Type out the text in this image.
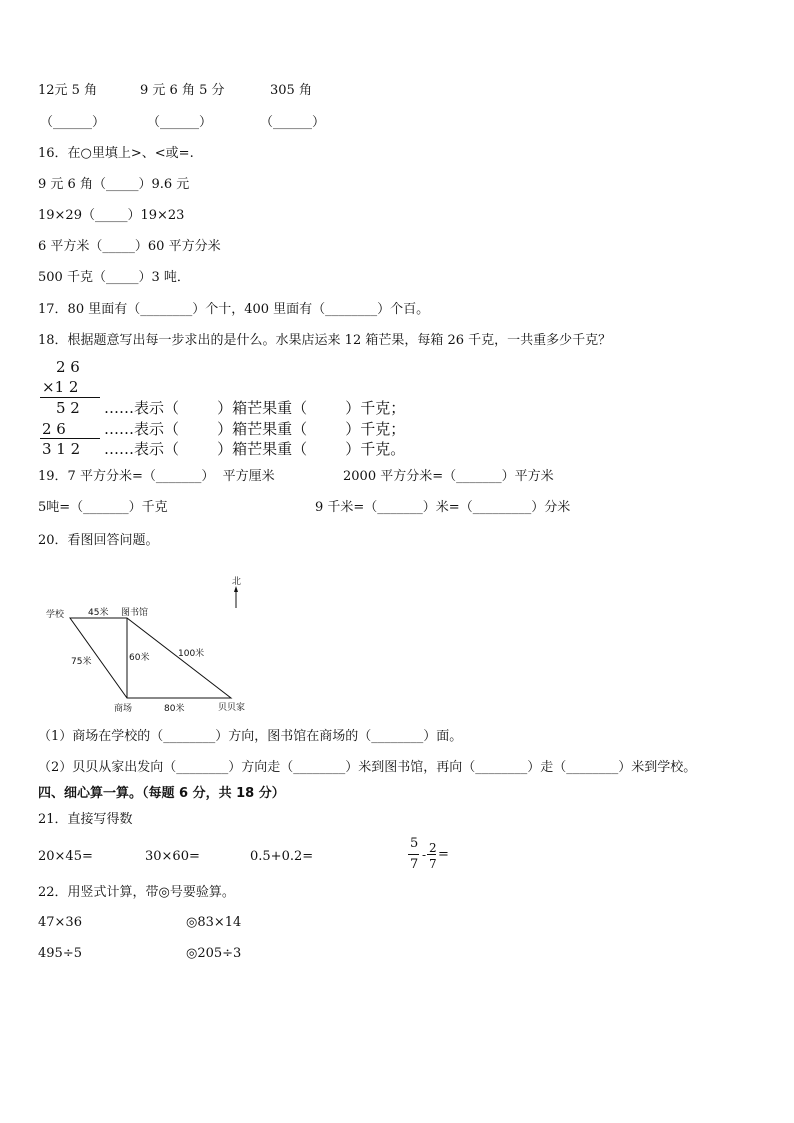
12元 5 角	9 元 6 角 5 分	305 角
（______）	（______）	（______）
16．在○里填上>、<或=.
9 元 6 角（_____）9.6 元
19×29（_____）19×23
6 平方米（_____）60 平方分米
500 千克（_____）3 吨．
17．80 里面有（________）个十，400 里面有（________）个百。
18．根据题意写出每一步求出的是什么。水果店运来 12 箱芒果，每箱 26 千克，一共重多少千克？
2 6
×1 2
5 2
2 6
3 1 2
……表示（        ）箱芒果重（        ）千克；
……表示（        ）箱芒果重（        ）千克；
……表示（        ）箱芒果重（        ）千克。
19．7 平方分米=（_______）  平方厘米	2000 平方分米=（_______）平方米
5吨=（_______）千克	9 千米=（_______）米=（_________）分米
20．看图回答问题。
北
学校	图书馆
45米
75米	60米	100米
商场	80米	贝贝家
（1）商场在学校的（________）方向，图书馆在商场的（________）面。
（2）贝贝从家出发向（________）方向走（________）米到图书馆，再向（________）走（________）米到学校。
四、细心算一算。（每题 6 分，共 18 分）
21．直接写得数
20×45=	30×60=	0.5+0.2=
5
7
- 2
7
=
22．用竖式计算，带◎号要验算。
47×36	◎83×14
495÷5	◎205÷3
